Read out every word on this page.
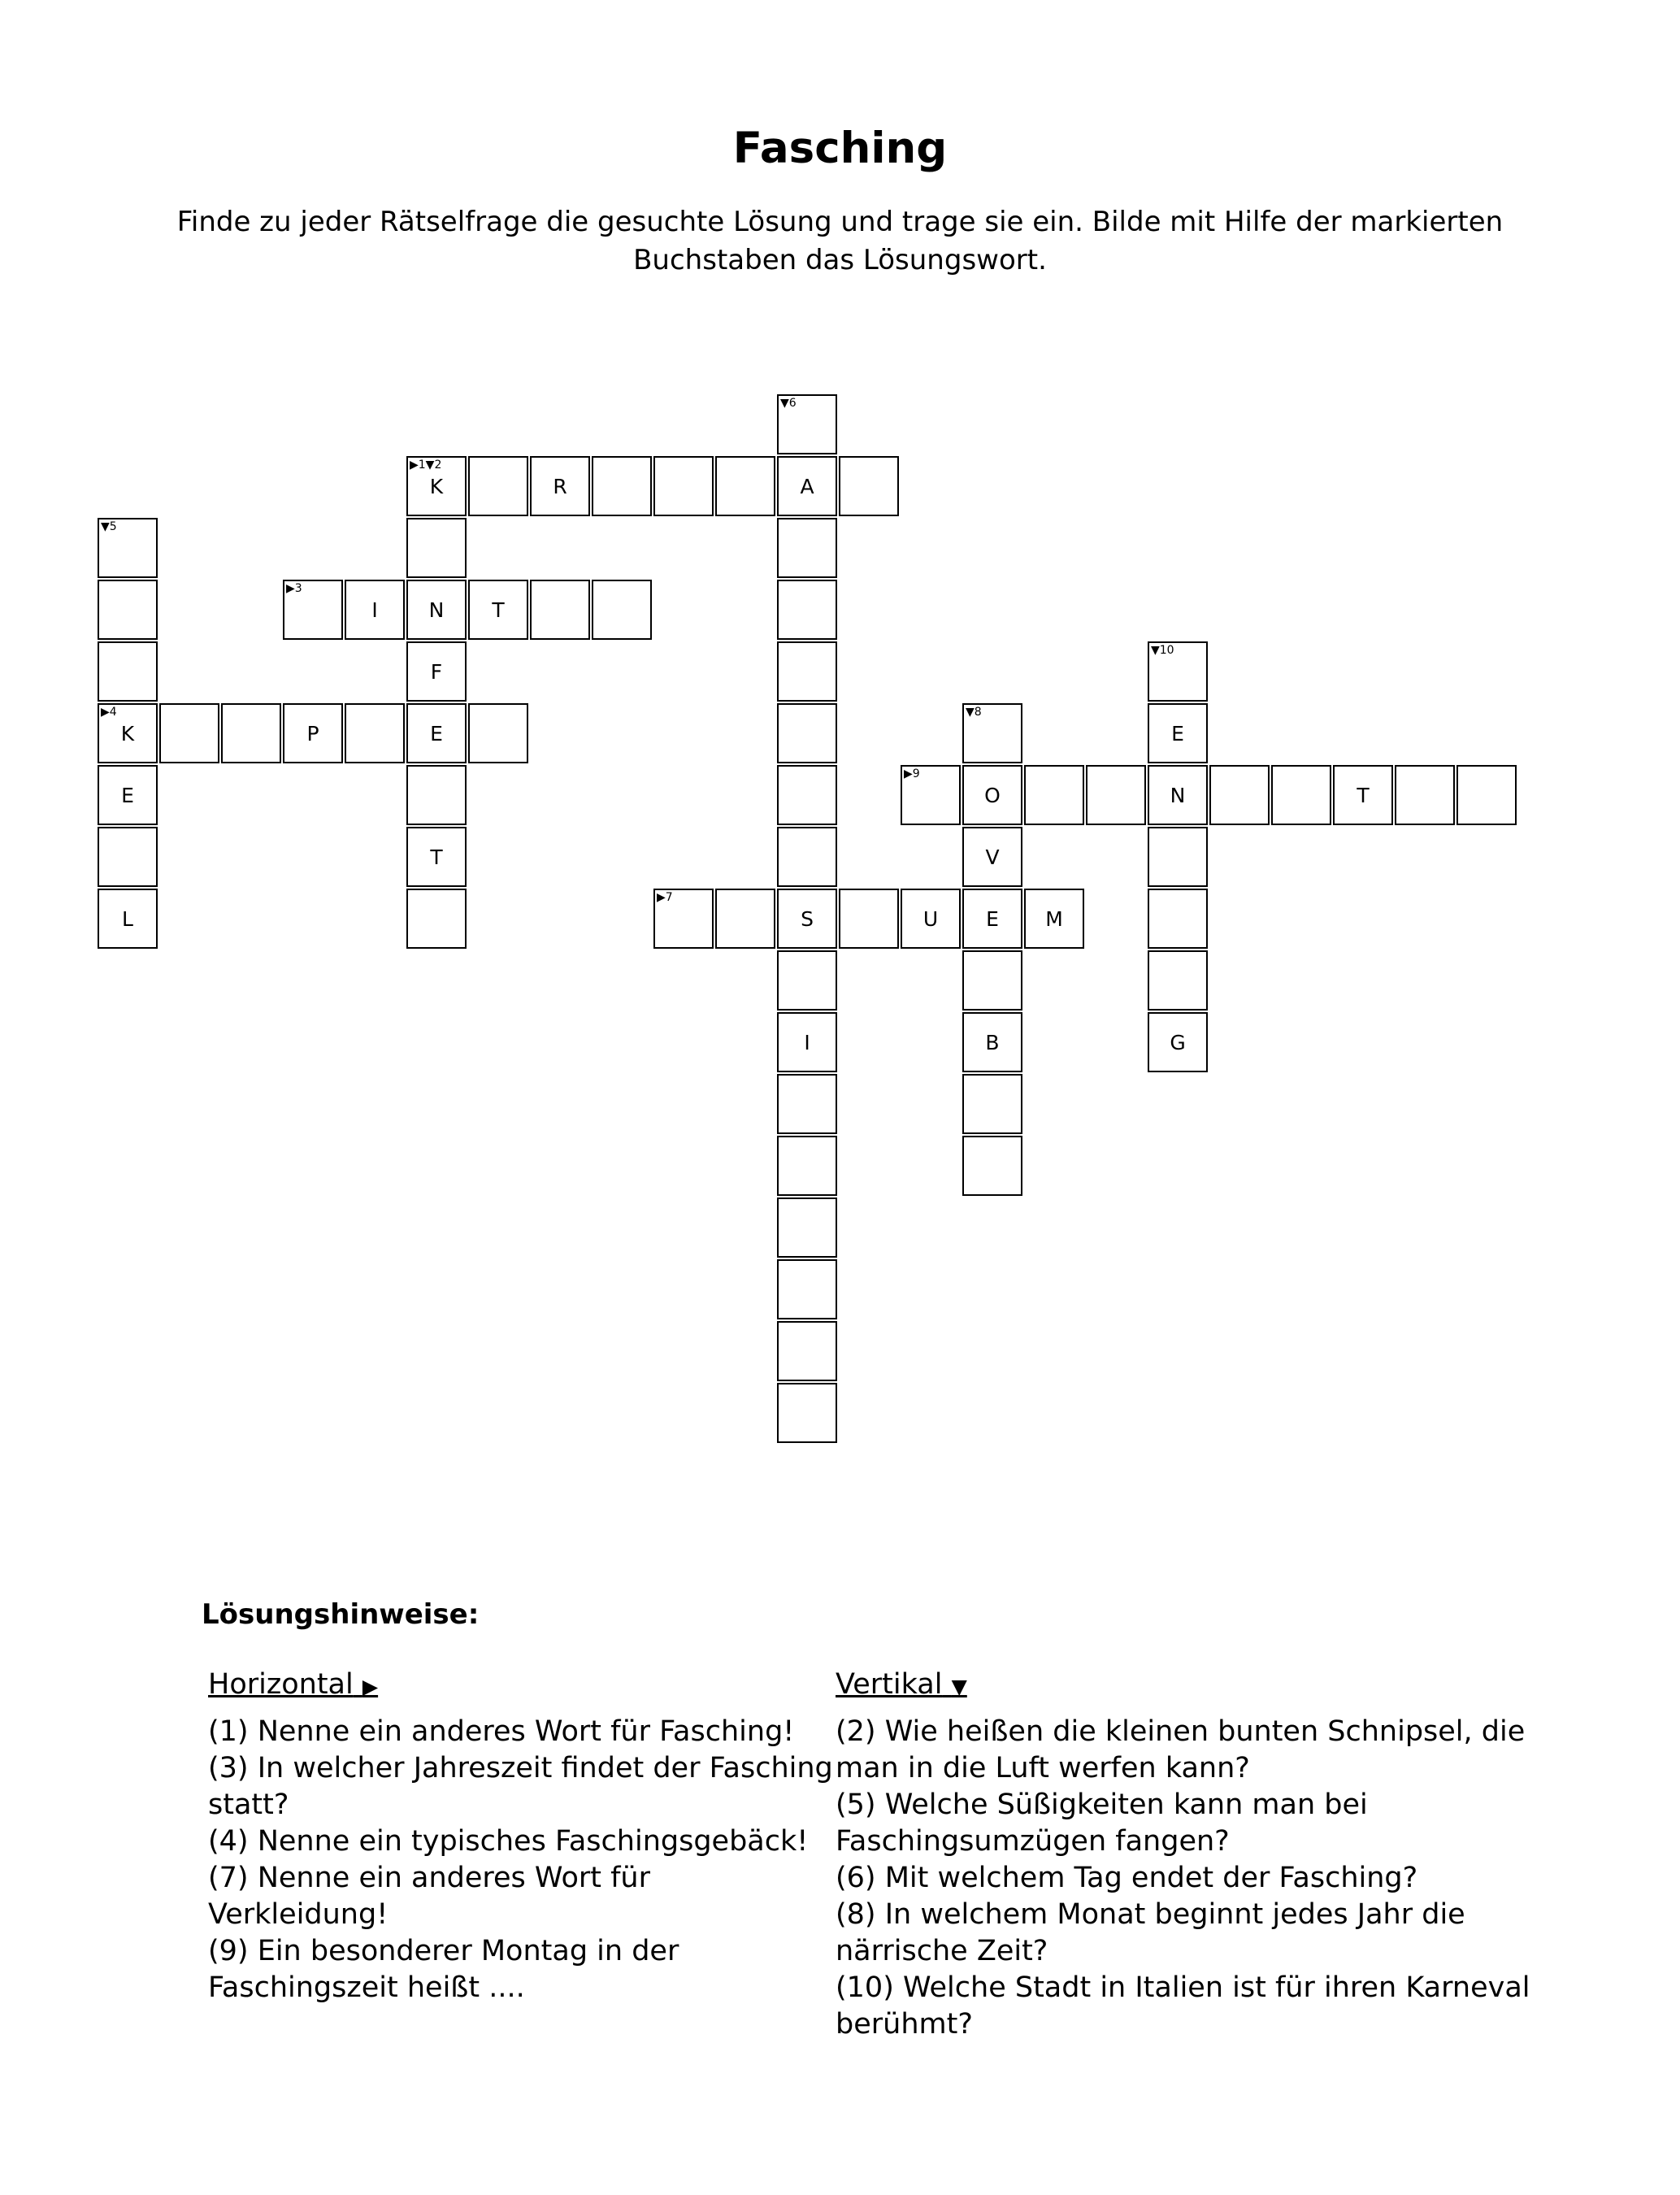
Fasching
Finde zu jeder Rätselfrage die gesuchte Lösung und trage sie ein. Bilde mit Hilfe der markierten Buchstaben das Lösungswort.
▼6
▶1▼2
K	R	A
▼5
▶3
I	N	T
F
▼10
▶4
K	P	E
▼8
E
E
▶9
O	N	T
T	V
L
▶7
S	U	E	M
I	B	G
Lösungshinweise:
Horizontal ▶

(1) Nenne ein anderes Wort für Fasching!

(3) In welcher Jahreszeit findet der Fasching statt?

(4) Nenne ein typisches Faschingsgebäck!

(7) Nenne ein anderes Wort für Verkleidung!

(9) Ein besonderer Montag in der Faschingszeit heißt ....

Vertikal ▼

(2) Wie heißen die kleinen bunten Schnipsel, die man in die Luft werfen kann?

(5) Welche Süßigkeiten kann man bei Faschingsumzügen fangen?

(6) Mit welchem Tag endet der Fasching?

(8) In welchem Monat beginnt jedes Jahr die närrische Zeit?

(10) Welche Stadt in Italien ist für ihren Karneval berühmt?
